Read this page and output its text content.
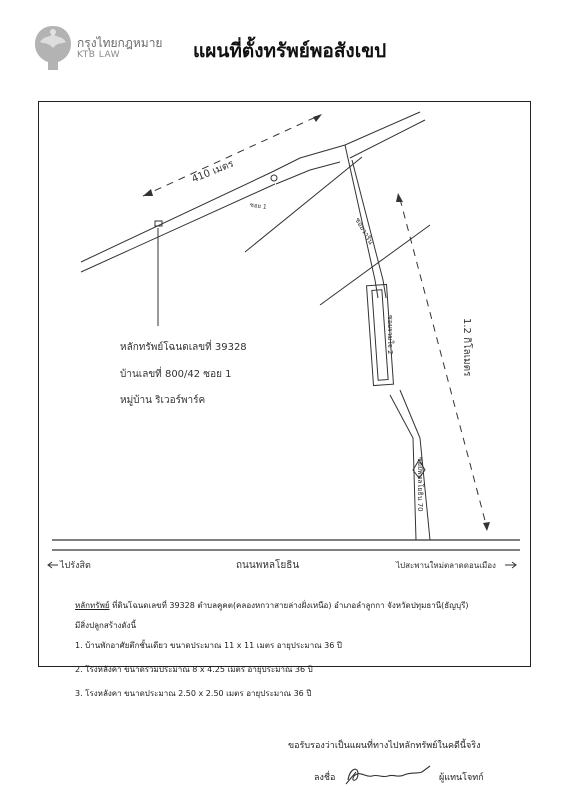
กรุงไทยกฎหมาย
KTB LAW	แผนที่ตั้งทรัพย์พอสังเขป
410 เมตร
ซอย 1
ซอยวาริน
ซอยรวมใจ 2	1.2 กิโลเมตร
ซอยพหลโยธิน 70
หลักทรัพย์โฉนดเลขที่ 39328
บ้านเลขที่ 800/42 ซอย 1
หมู่บ้าน ริเวอร์พาร์ค
ถนนพหลโยธิน
ไปรังสิต	ไปสะพานใหม่ตลาดดอนเมือง
หลักทรัพย์ ที่ดินโฉนดเลขที่ 39328 ตำบลคูคต(คลองหกวาสายล่างฝั่งเหนือ) อำเภอลำลูกกา จังหวัดปทุมธานี(ธัญบุรี)
มีสิ่งปลูกสร้างดังนี้
1. บ้านพักอาศัยตึกชั้นเดียว ขนาดประมาณ 11 x 11 เมตร อายุประมาณ 36 ปี
2. โรงหลังคา ขนาดรวมประมาณ 8 x 4.25 เมตร อายุประมาณ 36 ปี
3. โรงหลังคา ขนาดประมาณ 2.50 x 2.50 เมตร อายุประมาณ 36 ปี
ขอรับรองว่าเป็นแผนที่ทางไปหลักทรัพย์ในคดีนี้จริง
ลงชื่อ	ผู้แทนโจทก์
